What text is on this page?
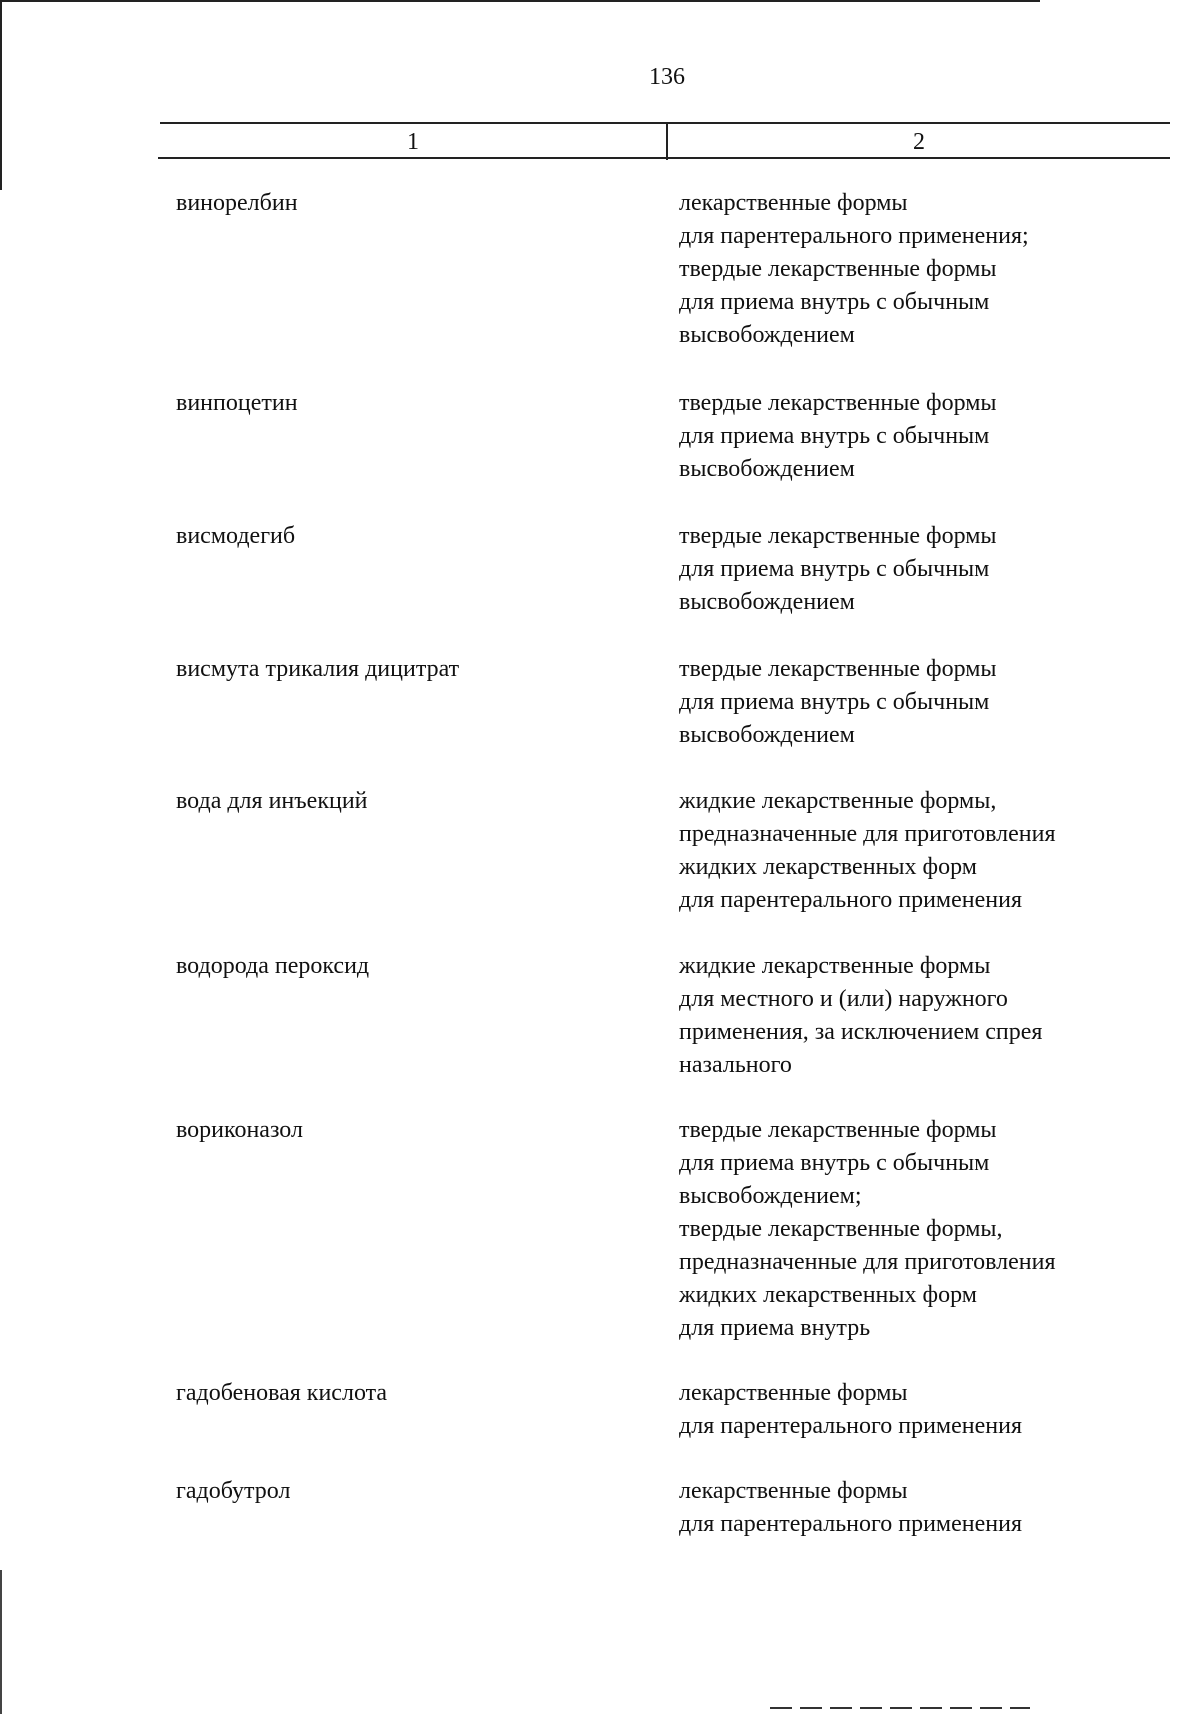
136
1	2
винорелбин	лекарственные формы
для парентерального применения;
твердые лекарственные формы
для приема внутрь с обычным
высвобождением
винпоцетин	твердые лекарственные формы
для приема внутрь с обычным
высвобождением
висмодегиб	твердые лекарственные формы
для приема внутрь с обычным
высвобождением
висмута трикалия дицитрат	твердые лекарственные формы
для приема внутрь с обычным
высвобождением
вода для инъекций	жидкие лекарственные формы,
предназначенные для приготовления
жидких лекарственных форм
для парентерального применения
водорода пероксид	жидкие лекарственные формы
для местного и (или) наружного
применения, за исключением спрея
назального
вориконазол	твердые лекарственные формы
для приема внутрь с обычным
высвобождением;
твердые лекарственные формы,
предназначенные для приготовления
жидких лекарственных форм
для приема внутрь
гадобеновая кислота	лекарственные формы
для парентерального применения
гадобутрол	лекарственные формы
для парентерального применения
